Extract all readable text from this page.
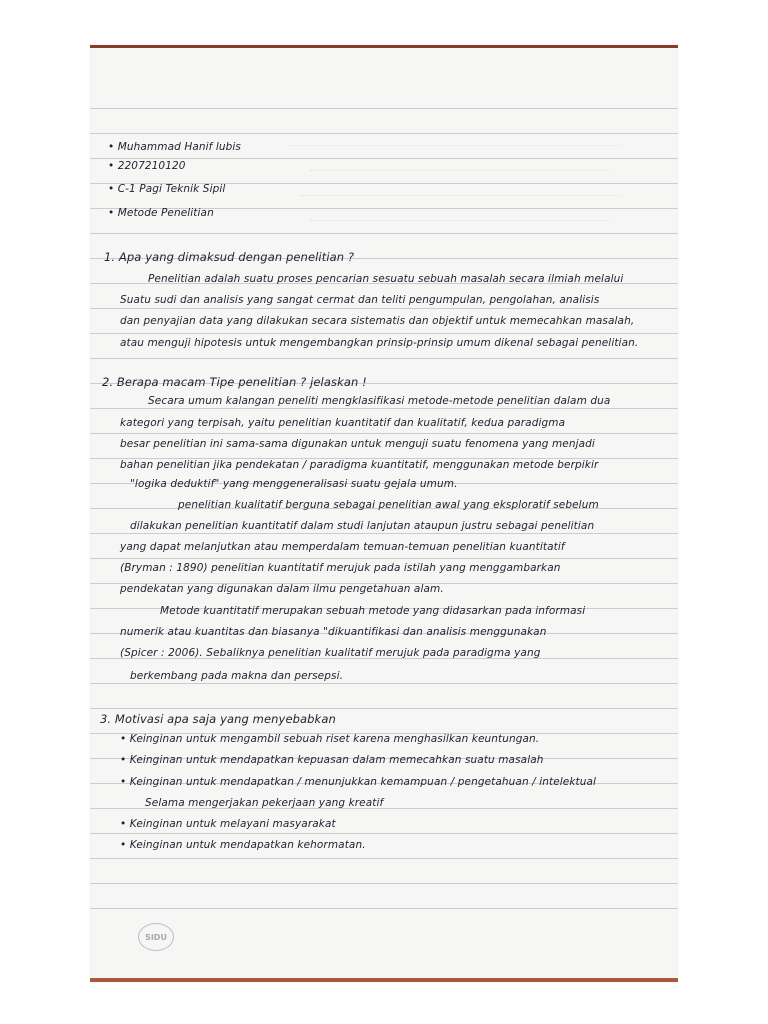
• Muhammad Hanif lubis
• 2207210120
• C-1 Pagi Teknik Sipil
• Metode Penelitian
1. Apa yang dimaksud dengan penelitian ?
Penelitian adalah suatu proses pencarian sesuatu sebuah masalah secara ilmiah melalui
Suatu sudi dan analisis yang sangat cermat dan teliti pengumpulan, pengolahan, analisis
dan penyajian data yang dilakukan secara sistematis dan objektif untuk memecahkan masalah,
atau menguji hipotesis untuk mengembangkan prinsip-prinsip umum dikenal sebagai penelitian.
2. Berapa macam Tipe penelitian ? jelaskan !
Secara umum kalangan peneliti mengklasifikasi metode-metode penelitian dalam dua
kategori yang terpisah, yaitu penelitian kuantitatif dan kualitatif, kedua paradigma
besar penelitian ini sama-sama digunakan untuk menguji suatu fenomena yang menjadi
bahan penelitian jika pendekatan / paradigma kuantitatif, menggunakan metode berpikir
"logika deduktif" yang menggeneralisasi suatu gejala umum.
penelitian kualitatif berguna sebagai penelitian awal yang eksploratif sebelum
dilakukan penelitian kuantitatif dalam studi lanjutan ataupun justru sebagai penelitian
yang dapat melanjutkan atau memperdalam temuan-temuan penelitian kuantitatif
(Bryman : 1890) penelitian kuantitatif merujuk pada istilah yang menggambarkan
pendekatan yang digunakan dalam ilmu pengetahuan alam.
Metode kuantitatif merupakan sebuah metode yang didasarkan pada informasi
numerik atau kuantitas dan biasanya "dikuantifikasi dan analisis menggunakan
(Spicer : 2006). Sebaliknya penelitian kualitatif merujuk pada paradigma yang
berkembang pada makna dan persepsi.
3. Motivasi apa saja yang menyebabkan
• Keinginan untuk mengambil sebuah riset karena menghasilkan keuntungan.
• Keinginan untuk mendapatkan kepuasan dalam memecahkan suatu masalah
• Keinginan untuk mendapatkan / menunjukkan kemampuan / pengetahuan / intelektual
Selama mengerjakan pekerjaan yang kreatif
• Keinginan untuk melayani masyarakat
• Keinginan untuk mendapatkan kehormatan.
SIDU
